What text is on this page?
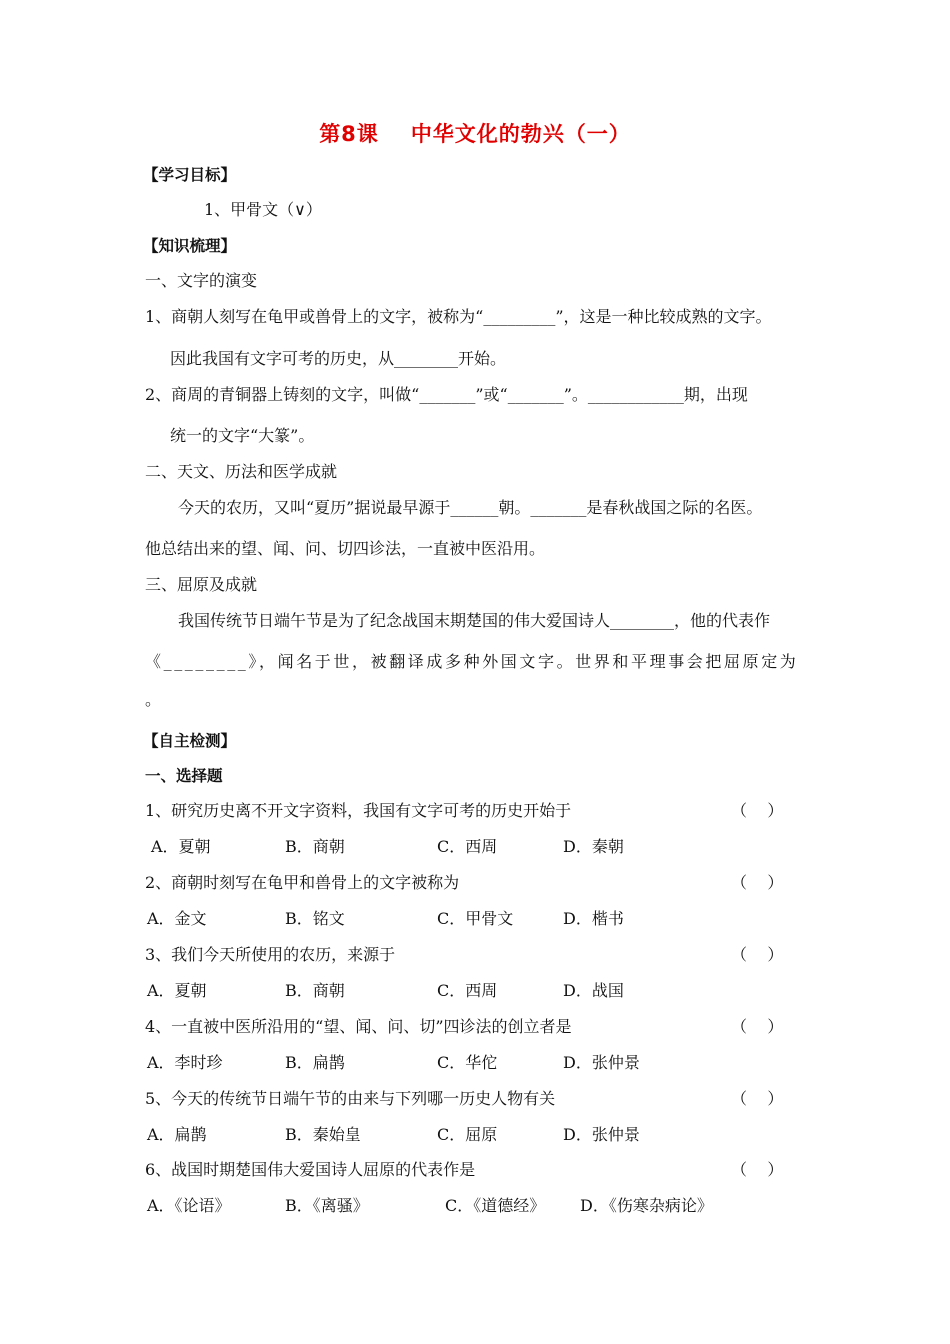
第8课 中华文化的勃兴（一）
【学习目标】
1、甲骨文（∨）
【知识梳理】
一、文字的演变
1、商朝人刻写在龟甲或兽骨上的文字，被称为“_________”，这是一种比较成熟的文字。
因此我国有文字可考的历史，从________开始。
2、商周的青铜器上铸刻的文字，叫做“_______”或“_______”。____________期，出现
统一的文字“大篆”。
二、天文、历法和医学成就
今天的农历，又叫“夏历”据说最早源于______朝。_______是春秋战国之际的名医。
他总结出来的望、闻、问、切四诊法，一直被中医沿用。
三、屈原及成就
我国传统节日端午节是为了纪念战国末期楚国的伟大爱国诗人________，他的代表作
《________》，闻名于世，被翻译成多种外国文字。世界和平理事会把屈原定为
。
【自主检测】
一、选择题
1、研究历史离不开文字资料，我国有文字可考的历史开始于	（    ）
A．夏朝	B．商朝	C．西周	D．秦朝
2、商朝时刻写在龟甲和兽骨上的文字被称为	（    ）
A．金文	B．铭文	C．甲骨文	D．楷书
3、我们今天所使用的农历，来源于	（    ）
A．夏朝	B．商朝	C．西周	D．战国
4、一直被中医所沿用的“望、闻、问、切”四诊法的创立者是	（    ）
A．李时珍	B．扁鹊	C．华佗	D．张仲景
5、今天的传统节日端午节的由来与下列哪一历史人物有关	（    ）
A．扁鹊	B．秦始皇	C．屈原	D．张仲景
6、战国时期楚国伟大爱国诗人屈原的代表作是	（    ）
A．《论语》	B．《离骚》	C．《道德经》 D．《伤寒杂病论》
